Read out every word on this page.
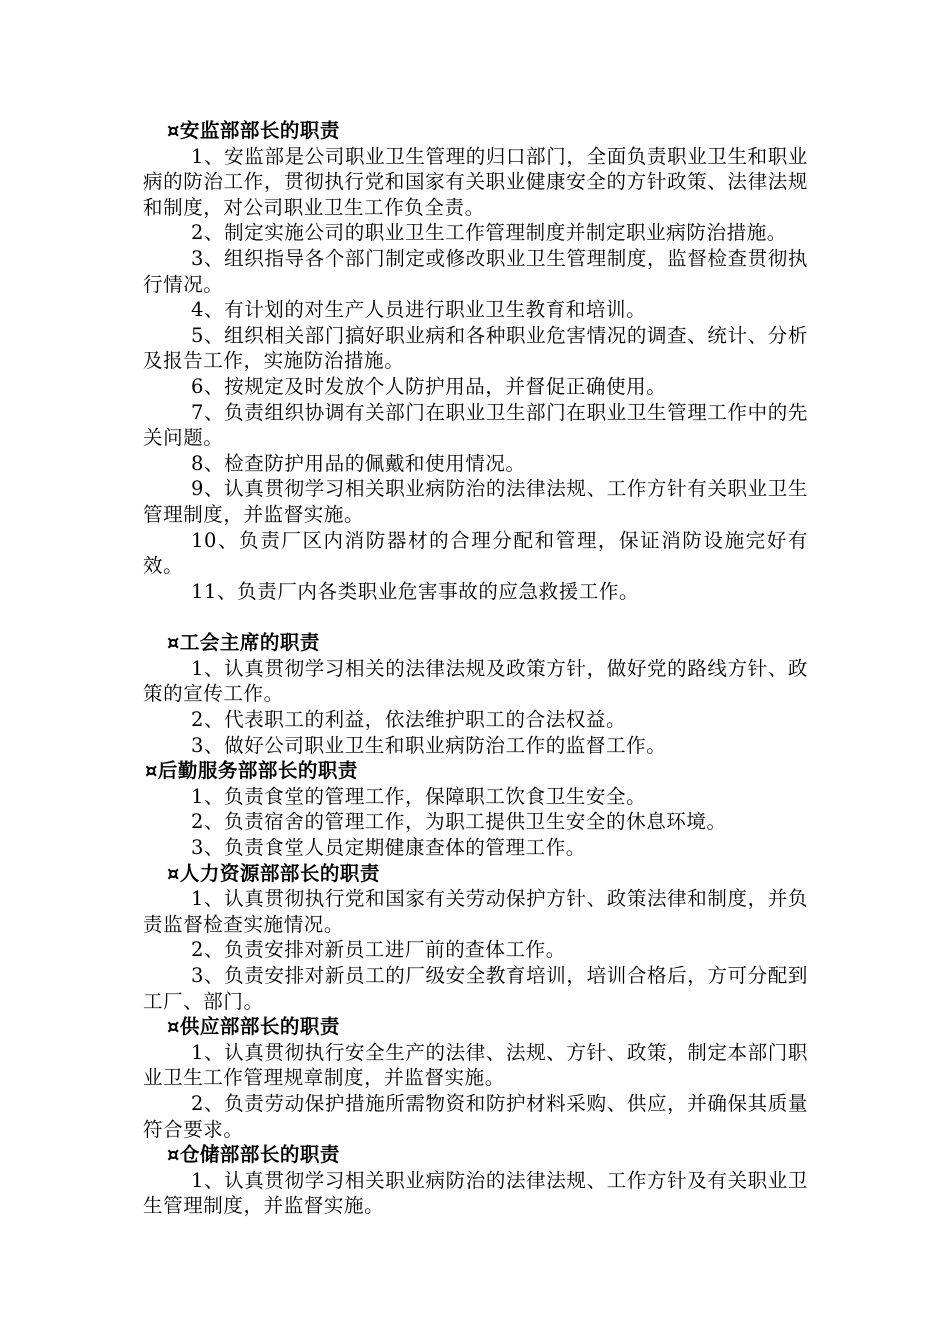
¤安监部部长的职责

1、安监部是公司职业卫生管理的归口部门，全面负责职业卫生和职业病的防治工作，贯彻执行党和国家有关职业健康安全的方针政策、法律法规和制度，对公司职业卫生工作负全责。

2、制定实施公司的职业卫生工作管理制度并制定职业病防治措施。

3、组织指导各个部门制定或修改职业卫生管理制度，监督检查贯彻执行情况。

4、有计划的对生产人员进行职业卫生教育和培训。

5、组织相关部门搞好职业病和各种职业危害情况的调查、统计、分析及报告工作，实施防治措施。

6、按规定及时发放个人防护用品，并督促正确使用。

7、负责组织协调有关部门在职业卫生部门在职业卫生管理工作中的先关问题。

8、检查防护用品的佩戴和使用情况。

9、认真贯彻学习相关职业病防治的法律法规、工作方针有关职业卫生管理制度，并监督实施。

10、负责厂区内消防器材的合理分配和管理，保证消防设施完好有效。

11、负责厂内各类职业危害事故的应急救援工作。

¤工会主席的职责

1、认真贯彻学习相关的法律法规及政策方针，做好党的路线方针、政策的宣传工作。

2、代表职工的利益，依法维护职工的合法权益。

3、做好公司职业卫生和职业病防治工作的监督工作。

¤后勤服务部部长的职责

1、负责食堂的管理工作，保障职工饮食卫生安全。

2、负责宿舍的管理工作，为职工提供卫生安全的休息环境。

3、负责食堂人员定期健康查体的管理工作。

¤人力资源部部长的职责

1、认真贯彻执行党和国家有关劳动保护方针、政策法律和制度，并负责监督检查实施情况。

2、负责安排对新员工进厂前的查体工作。

3、负责安排对新员工的厂级安全教育培训，培训合格后，方可分配到工厂、部门。

¤供应部部长的职责

1、认真贯彻执行安全生产的法律、法规、方针、政策，制定本部门职业卫生工作管理规章制度，并监督实施。

2、负责劳动保护措施所需物资和防护材料采购、供应，并确保其质量符合要求。

¤仓储部部长的职责

1、认真贯彻学习相关职业病防治的法律法规、工作方针及有关职业卫生管理制度，并监督实施。
